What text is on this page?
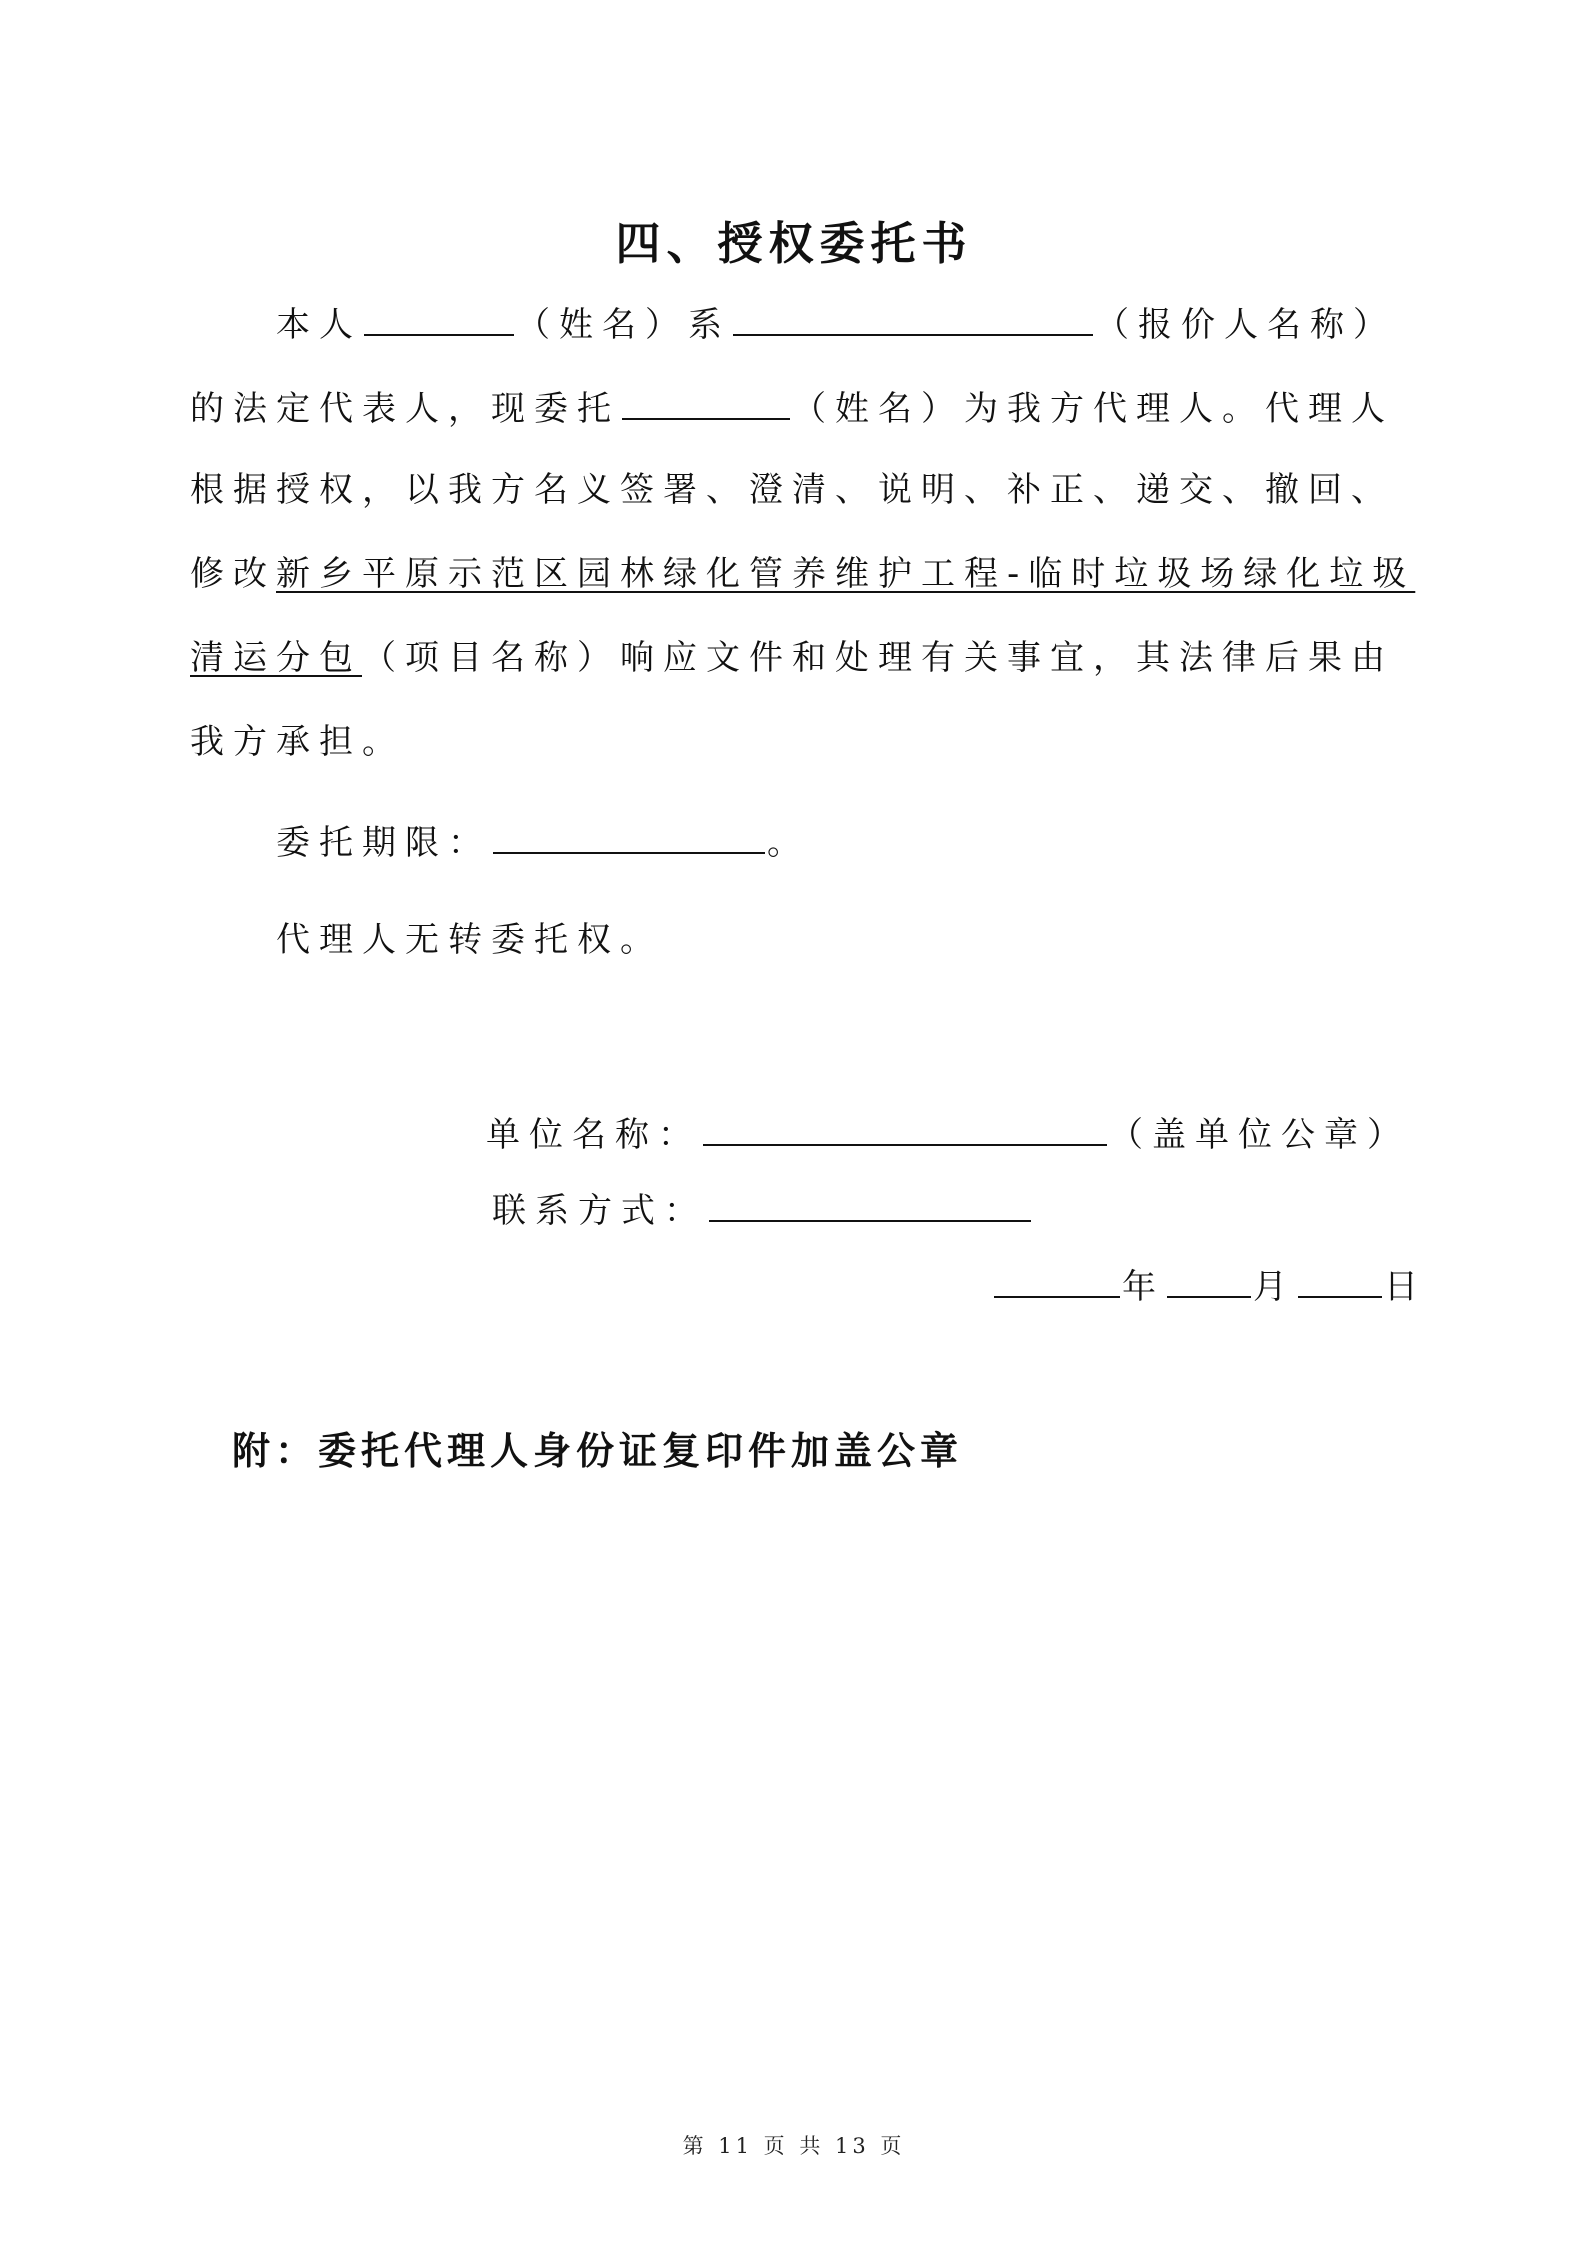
四、授权委托书
本人	（姓名）系	（报价人名称）
的法定代表人，现委托	（姓名）为我方代理人。代理人
根据授权，以我方名义签署、澄清、说明、补正、递交、撤回、
修改新乡平原示范区园林绿化管养维护工程-临时垃圾场绿化垃圾
清运分包（项目名称）响应文件和处理有关事宜，其法律后果由
我方承担。
委托期限：	。
代理人无转委托权。
单位名称：	（盖单位公章）
联系方式：
年	月	日
附：委托代理人身份证复印件加盖公章
第 11 页 共 13 页
